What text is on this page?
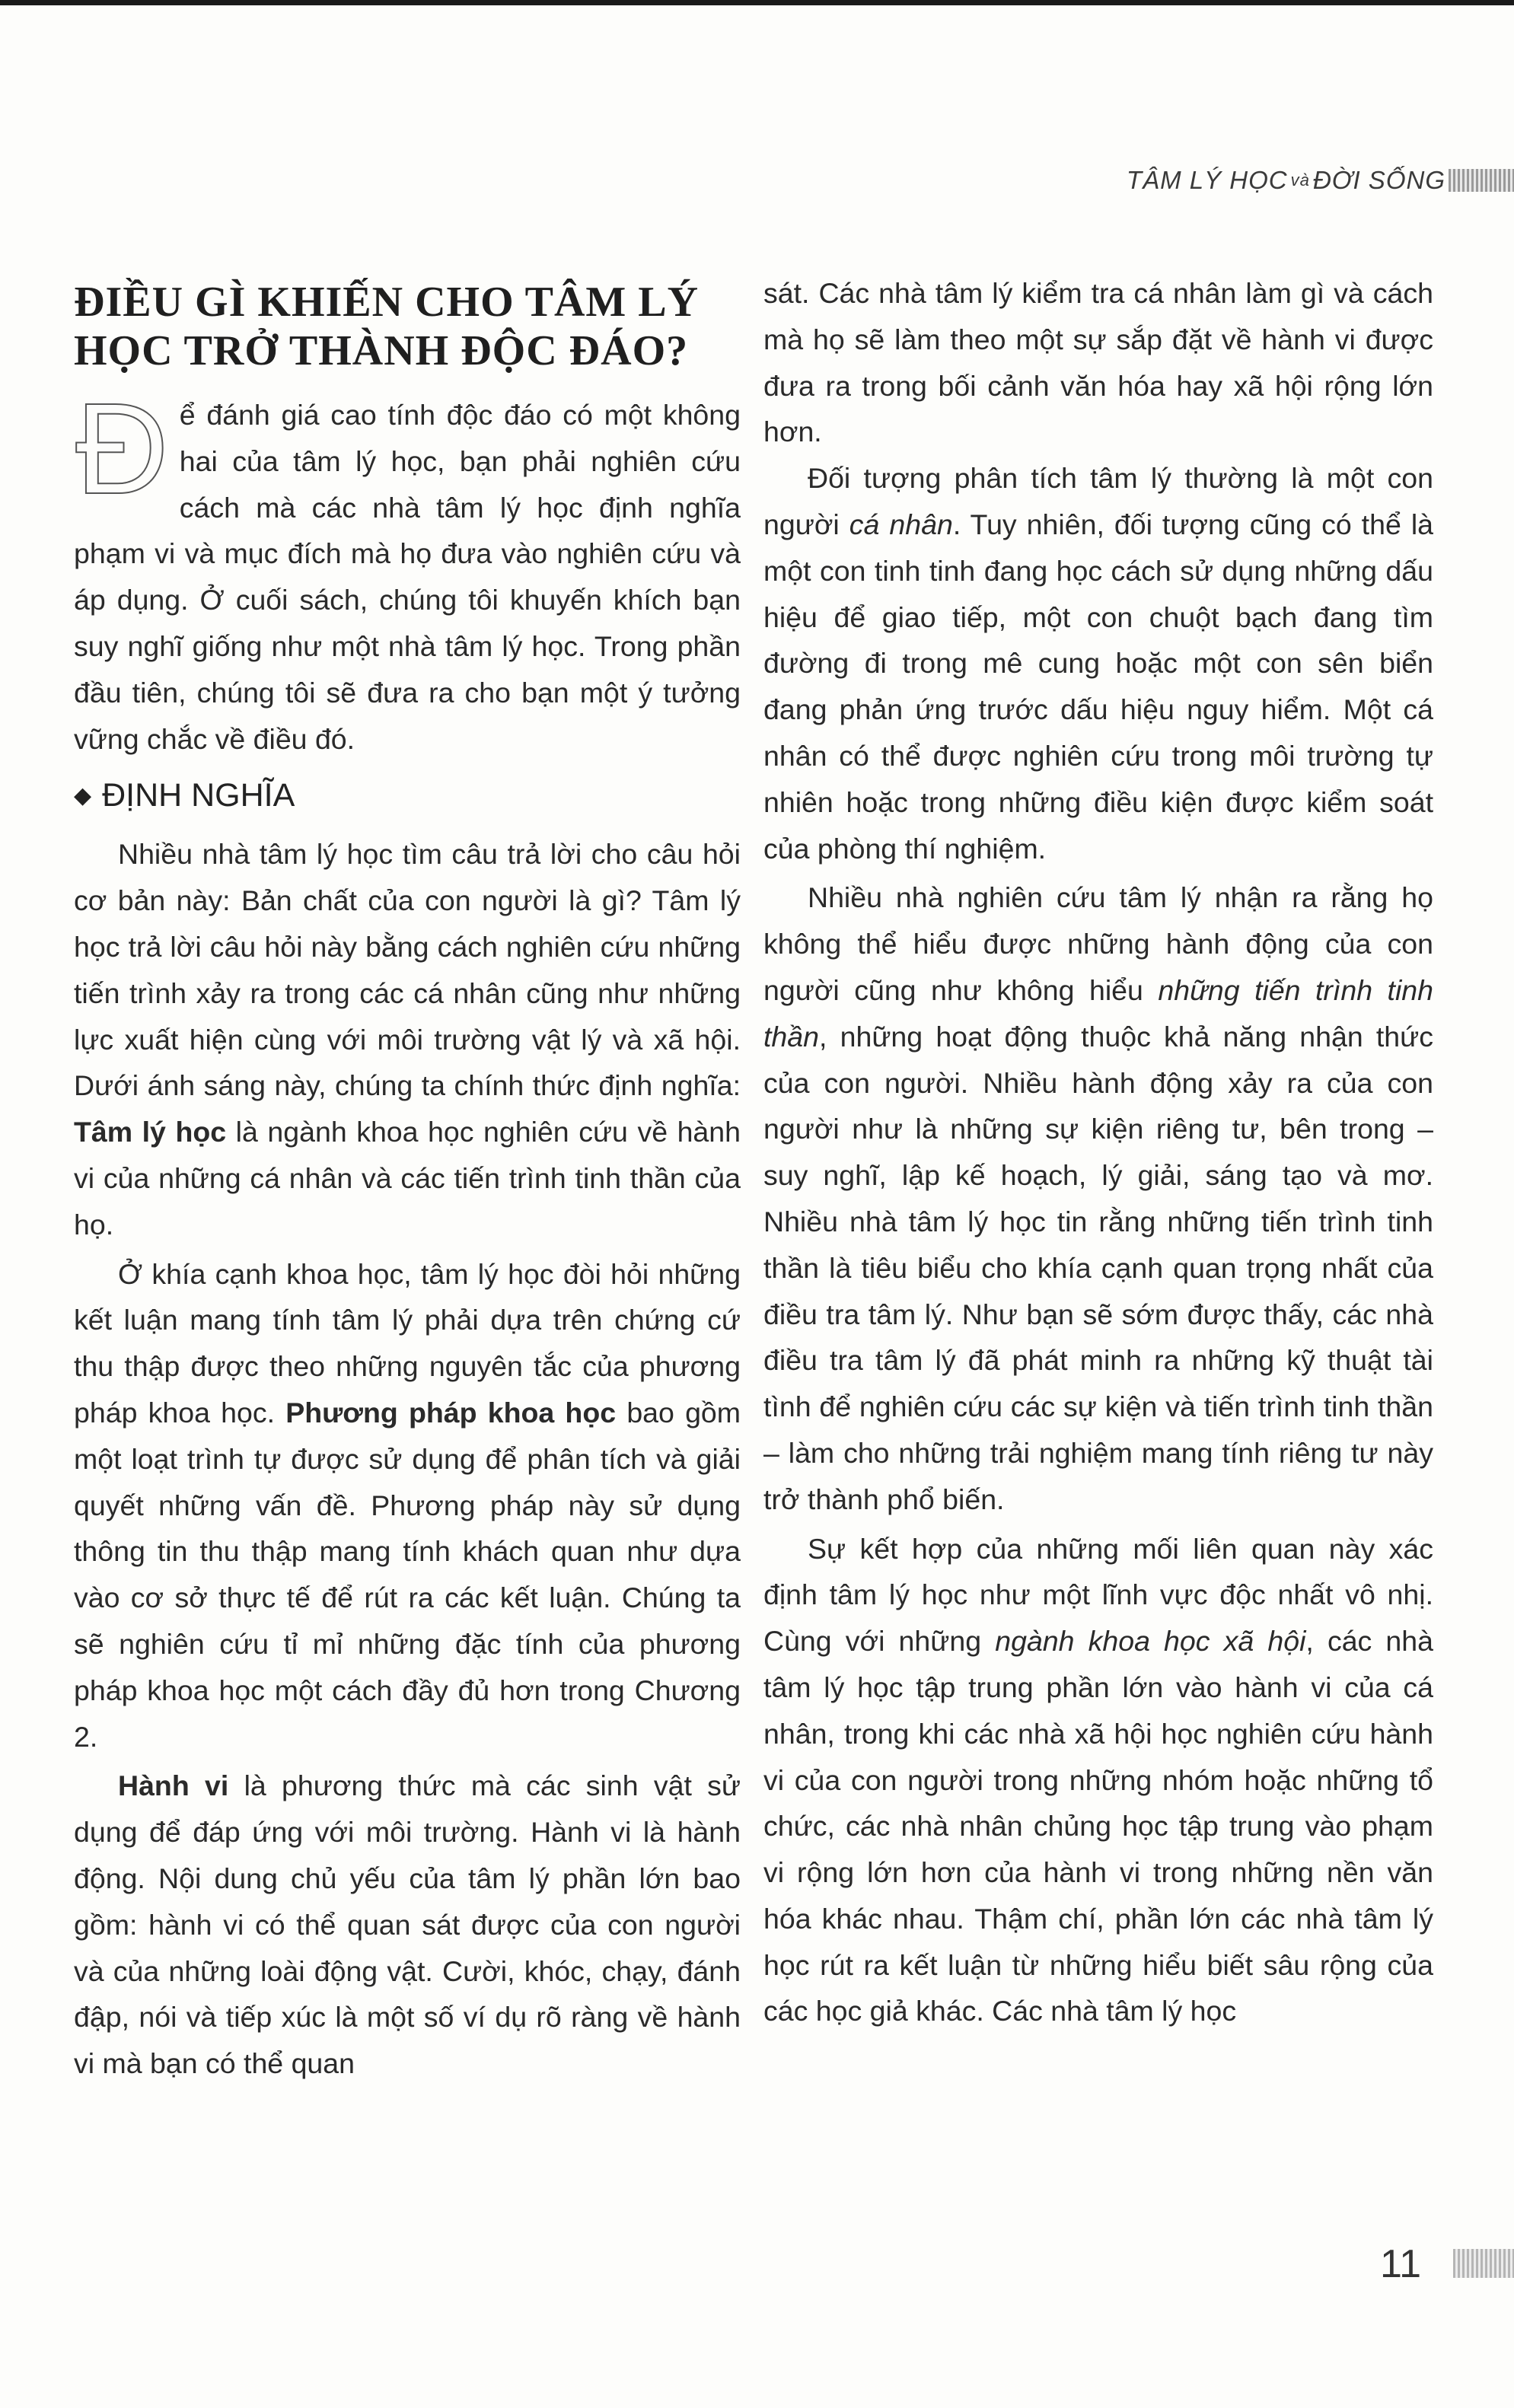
TÂM LÝ HỌC và ĐỜI SỐNG
ĐIỀU GÌ KHIẾN CHO TÂM LÝ
HỌC TRỞ THÀNH ĐỘC ĐÁO?

Để đánh giá cao tính độc đáo có một không hai của tâm lý học, bạn phải nghiên cứu cách mà các nhà tâm lý học định nghĩa phạm vi và mục đích mà họ đưa vào nghiên cứu và áp dụng. Ở cuối sách, chúng tôi khuyến khích bạn suy nghĩ giống như một nhà tâm lý học. Trong phần đầu tiên, chúng tôi sẽ đưa ra cho bạn một ý tưởng vững chắc về điều đó.

◆ ĐỊNH NGHĨA

Nhiều nhà tâm lý học tìm câu trả lời cho câu hỏi cơ bản này: Bản chất của con người là gì? Tâm lý học trả lời câu hỏi này bằng cách nghiên cứu những tiến trình xảy ra trong các cá nhân cũng như những lực xuất hiện cùng với môi trường vật lý và xã hội. Dưới ánh sáng này, chúng ta chính thức định nghĩa: Tâm lý học là ngành khoa học nghiên cứu về hành vi của những cá nhân và các tiến trình tinh thần của họ.

Ở khía cạnh khoa học, tâm lý học đòi hỏi những kết luận mang tính tâm lý phải dựa trên chứng cứ thu thập được theo những nguyên tắc của phương pháp khoa học. Phương pháp khoa học bao gồm một loạt trình tự được sử dụng để phân tích và giải quyết những vấn đề. Phương pháp này sử dụng thông tin thu thập mang tính khách quan như dựa vào cơ sở thực tế để rút ra các kết luận. Chúng ta sẽ nghiên cứu tỉ mỉ những đặc tính của phương pháp khoa học một cách đầy đủ hơn trong Chương 2.

Hành vi là phương thức mà các sinh vật sử dụng để đáp ứng với môi trường. Hành vi là hành động. Nội dung chủ yếu của tâm lý phần lớn bao gồm: hành vi có thể quan sát được của con người và của những loài động vật. Cười, khóc, chạy, đánh đập, nói và tiếp xúc là một số ví dụ rõ ràng về hành vi mà bạn có thể quan

sát. Các nhà tâm lý kiểm tra cá nhân làm gì và cách mà họ sẽ làm theo một sự sắp đặt về hành vi được đưa ra trong bối cảnh văn hóa hay xã hội rộng lớn hơn.

Đối tượng phân tích tâm lý thường là một con người cá nhân. Tuy nhiên, đối tượng cũng có thể là một con tinh tinh đang học cách sử dụng những dấu hiệu để giao tiếp, một con chuột bạch đang tìm đường đi trong mê cung hoặc một con sên biển đang phản ứng trước dấu hiệu nguy hiểm. Một cá nhân có thể được nghiên cứu trong môi trường tự nhiên hoặc trong những điều kiện được kiểm soát của phòng thí nghiệm.

Nhiều nhà nghiên cứu tâm lý nhận ra rằng họ không thể hiểu được những hành động của con người cũng như không hiểu những tiến trình tinh thần, những hoạt động thuộc khả năng nhận thức của con người. Nhiều hành động xảy ra của con người như là những sự kiện riêng tư, bên trong – suy nghĩ, lập kế hoạch, lý giải, sáng tạo và mơ. Nhiều nhà tâm lý học tin rằng những tiến trình tinh thần là tiêu biểu cho khía cạnh quan trọng nhất của điều tra tâm lý. Như bạn sẽ sớm được thấy, các nhà điều tra tâm lý đã phát minh ra những kỹ thuật tài tình để nghiên cứu các sự kiện và tiến trình tinh thần – làm cho những trải nghiệm mang tính riêng tư này trở thành phổ biến.

Sự kết hợp của những mối liên quan này xác định tâm lý học như một lĩnh vực độc nhất vô nhị. Cùng với những ngành khoa học xã hội, các nhà tâm lý học tập trung phần lớn vào hành vi của cá nhân, trong khi các nhà xã hội học nghiên cứu hành vi của con người trong những nhóm hoặc những tổ chức, các nhà nhân chủng học tập trung vào phạm vi rộng lớn hơn của hành vi trong những nền văn hóa khác nhau. Thậm chí, phần lớn các nhà tâm lý học rút ra kết luận từ những hiểu biết sâu rộng của các học giả khác. Các nhà tâm lý học

11
